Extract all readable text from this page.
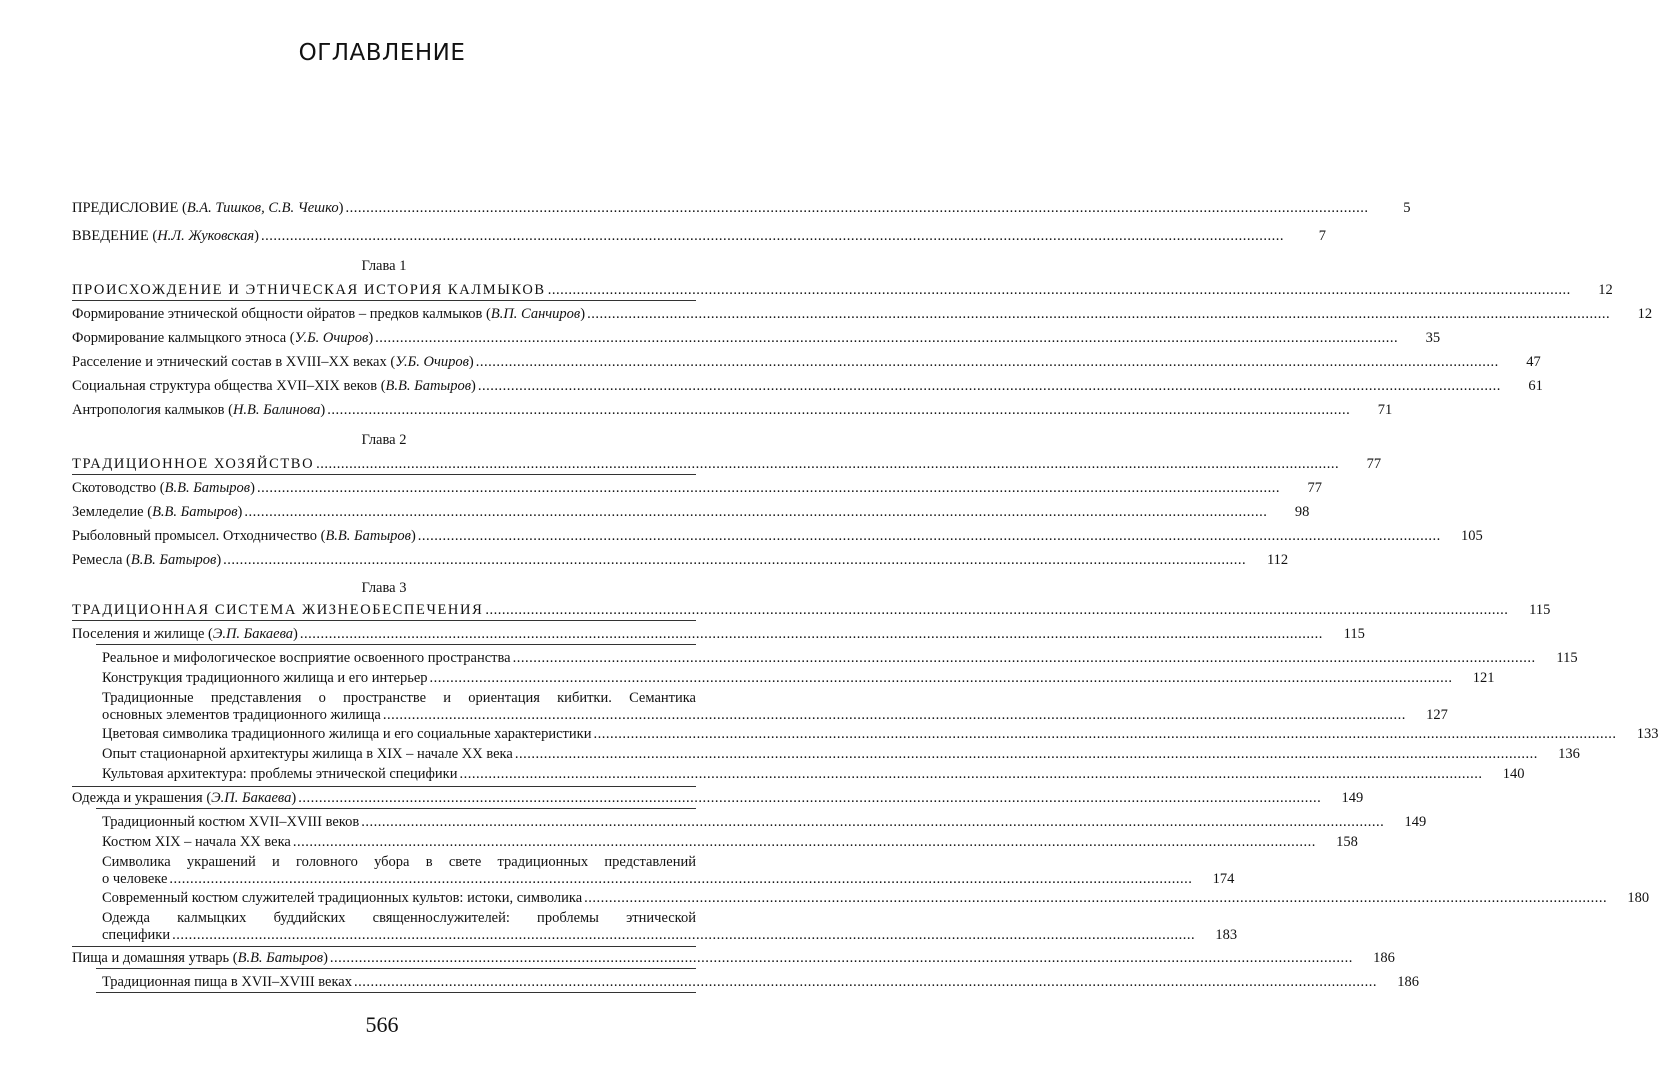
ОГЛАВЛЕНИЕ
ПРЕДИСЛОВИЕ (В.А. Тишков, С.В. Чешко) .....	5
ВВЕДЕНИЕ (Н.Л. Жуковская) .....	7
Глава 1
ПРОИСХОЖДЕНИЕ И ЭТНИЧЕСКАЯ ИСТОРИЯ КАЛМЫКОВ .....	12
Формирование этнической общности ойратов – предков калмыков (В.П. Санчиров) .....	12
Формирование калмыцкого этноса (У.Б. Очиров) .....	35
Расселение и этнический состав в XVIII–XX веках (У.Б. Очиров) .....	47
Социальная структура общества XVII–XIX веков (В.В. Батыров) .....	61
Антропология калмыков (Н.В. Балинова) .....	71
Глава 2
ТРАДИЦИОННОЕ ХОЗЯЙСТВО .....	77
Скотоводство (В.В. Батыров) .....	77
Земледелие (В.В. Батыров) .....	98
Рыболовный промысел. Отходничество (В.В. Батыров) .....	105
Ремесла (В.В. Батыров) .....	112
Глава 3
ТРАДИЦИОННАЯ СИСТЕМА ЖИЗНЕОБЕСПЕЧЕНИЯ .....	115
Поселения и жилище (Э.П. Бакаева) .....	115
Реальное и мифологическое восприятие освоенного пространства .....	115
Конструкция традиционного жилища и его интерьер .....	121
Традиционные представления о пространстве и ориентация кибитки. Семантика
основных элементов традиционного жилища .....	127
Цветовая символика традиционного жилища и его социальные характеристики .....	133
Опыт стационарной архитектуры жилища в XIX – начале XX века .....	136
Культовая архитектура: проблемы этнической специфики .....	140
Одежда и украшения (Э.П. Бакаева) .....	149
Традиционный костюм XVII–XVIII веков .....	149
Костюм XIX – начала XX века .....	158
Символика украшений и головного убора в свете традиционных представлений
о человеке .....	174
Современный костюм служителей традиционных культов: истоки, символика .....	180
Одежда калмыцких буддийских священнослужителей: проблемы этнической
специфики .....	183
Пища и домашняя утварь (В.В. Батыров) .....	186
Традиционная пища в XVII–XVIII веках .....	186
566
